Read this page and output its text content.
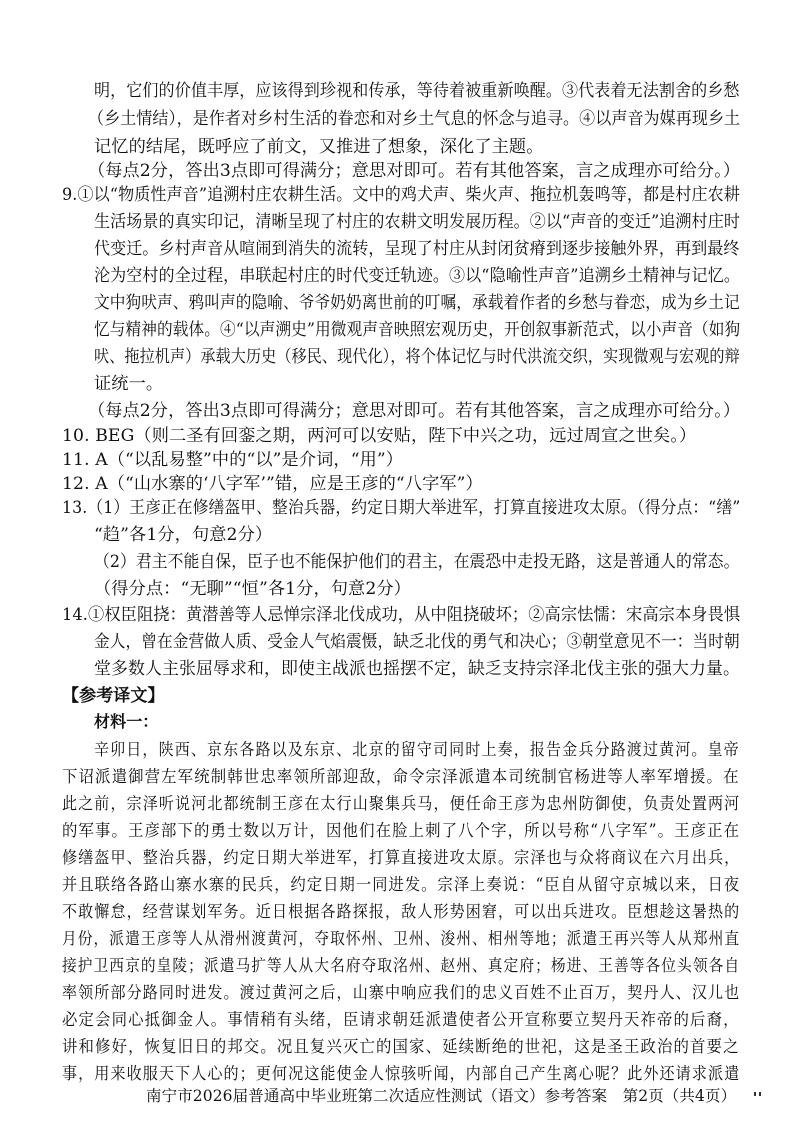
明，它们的价值丰厚，应该得到珍视和传承，等待着被重新唤醒。③代表着无法割舍的乡愁
（乡土情结），是作者对乡村生活的眷恋和对乡土气息的怀念与追寻。④以声音为媒再现乡土
记忆的结尾，既呼应了前文，又推进了想象，深化了主题。
（每点2分，答出3点即可得满分；意思对即可。若有其他答案，言之成理亦可给分。）
9.①以“物质性声音”追溯村庄农耕生活。文中的鸡犬声、柴火声、拖拉机轰鸣等，都是村庄农耕
生活场景的真实印记，清晰呈现了村庄的农耕文明发展历程。②以“声音的变迁”追溯村庄时
代变迁。乡村声音从喧闹到消失的流转，呈现了村庄从封闭贫瘠到逐步接触外界，再到最终
沦为空村的全过程，串联起村庄的时代变迁轨迹。③以“隐喻性声音”追溯乡土精神与记忆。
文中狗吠声、鸦叫声的隐喻、爷爷奶奶离世前的叮嘱，承载着作者的乡愁与眷恋，成为乡土记
忆与精神的载体。④“以声溯史”用微观声音映照宏观历史，开创叙事新范式，以小声音（如狗
吠、拖拉机声）承载大历史（移民、现代化），将个体记忆与时代洪流交织，实现微观与宏观的辩
证统一。
（每点2分，答出3点即可得满分；意思对即可。若有其他答案，言之成理亦可给分。）
10. BEG（则二圣有回銮之期，两河可以安贴，陛下中兴之功，远过周宣之世矣。）
11. A（“以乱易整”中的“以”是介词，“用”）
12. A（“山水寨的‘八字军’”错，应是王彦的“八字军”）
13.（1）王彦正在修缮盔甲、整治兵器，约定日期大举进军，打算直接进攻太原。（得分点：“缮”
“趋”各1分，句意2分）
（2）君主不能自保，臣子也不能保护他们的君主，在震恐中走投无路，这是普通人的常态。
（得分点：“无聊”“恒”各1分，句意2分）
14.①权臣阻挠：黄潜善等人忌惮宗泽北伐成功，从中阻挠破坏；②高宗怯懦：宋高宗本身畏惧
金人，曾在金营做人质、受金人气焰震慑，缺乏北伐的勇气和决心；③朝堂意见不一：当时朝
堂多数人主张屈辱求和，即使主战派也摇摆不定，缺乏支持宗泽北伐主张的强大力量。
【参考译文】
材料一：
辛卯日，陕西、京东各路以及东京、北京的留守司同时上奏，报告金兵分路渡过黄河。皇帝
下诏派遣御营左军统制韩世忠率领所部迎敌，命令宗泽派遣本司统制官杨进等人率军增援。在
此之前，宗泽听说河北都统制王彦在太行山聚集兵马，便任命王彦为忠州防御使，负责处置两河
的军事。王彦部下的勇士数以万计，因他们在脸上刺了八个字，所以号称“八字军”。王彦正在
修缮盔甲、整治兵器，约定日期大举进军，打算直接进攻太原。宗泽也与众将商议在六月出兵，
并且联络各路山寨水寨的民兵，约定日期一同进发。宗泽上奏说：“臣自从留守京城以来，日夜
不敢懈怠，经营谋划军务。近日根据各路探报，敌人形势困窘，可以出兵进攻。臣想趁这暑热的
月份，派遣王彦等人从滑州渡黄河，夺取怀州、卫州、浚州、相州等地；派遣王再兴等人从郑州直
接护卫西京的皇陵；派遣马扩等人从大名府夺取洺州、赵州、真定府；杨进、王善等各位头领各自
率领所部分路同时进发。渡过黄河之后，山寨中响应我们的忠义百姓不止百万，契丹人、汉儿也
必定会同心抵御金人。事情稍有头绪，臣请求朝廷派遣使者公开宣称要立契丹天祚帝的后裔，
讲和修好，恢复旧日的邦交。况且复兴灭亡的国家、延续断绝的世祀，这是圣王政治的首要之
事，用来收服天下人心的；更何况这能使金人惊骇听闻，内部自己产生离心呢？此外还请求派遣
南宁市2026届普通高中毕业班第二次适应性测试（语文）参考答案　第2页（共4页）
